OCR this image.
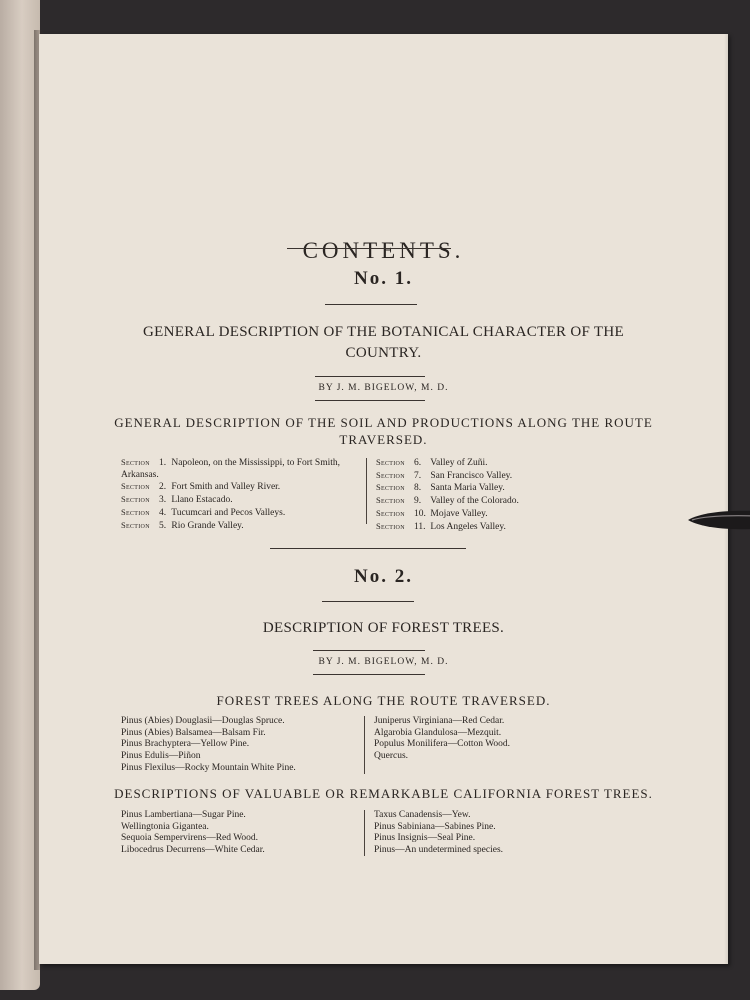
CONTENTS.
No. 1.
GENERAL DESCRIPTION OF THE BOTANICAL CHARACTER OF THE
COUNTRY.
BY J. M. BIGELOW, M. D.
GENERAL DESCRIPTION OF THE SOIL AND PRODUCTIONS ALONG THE ROUTE
TRAVERSED.
Section 1. Napoleon, on the Mississippi, to Fort Smith,
Arkansas.
Section 2. Fort Smith and Valley River.
Section 3. Llano Estacado.
Section 4. Tucumcari and Pecos Valleys.
Section 5. Rio Grande Valley.
Section 6. Valley of Zuñi.
Section 7. San Francisco Valley.
Section 8. Santa Maria Valley.
Section 9. Valley of the Colorado.
Section 10. Mojave Valley.
Section 11. Los Angeles Valley.
No. 2.
DESCRIPTION OF FOREST TREES.
BY J. M. BIGELOW, M. D.
FOREST TREES ALONG THE ROUTE TRAVERSED.
Pinus (Abies) Douglasii—Douglas Spruce.
Pinus (Abies) Balsamea—Balsam Fir.
Pinus Brachyptera—Yellow Pine.
Pinus Edulis—Piñon
Pinus Flexilus—Rocky Mountain White Pine.
Juniperus Virginiana—Red Cedar.
Algarobia Glandulosa—Mezquit.
Populus Monilifera—Cotton Wood.
Quercus.
DESCRIPTIONS OF VALUABLE OR REMARKABLE CALIFORNIA FOREST TREES.
Pinus Lambertiana—Sugar Pine.
Wellingtonia Gigantea.
Sequoia Sempervirens—Red Wood.
Libocedrus Decurrens—White Cedar.
Taxus Canadensis—Yew.
Pinus Sabiniana—Sabines Pine.
Pinus Insignis—Seal Pine.
Pinus—An undetermined species.
